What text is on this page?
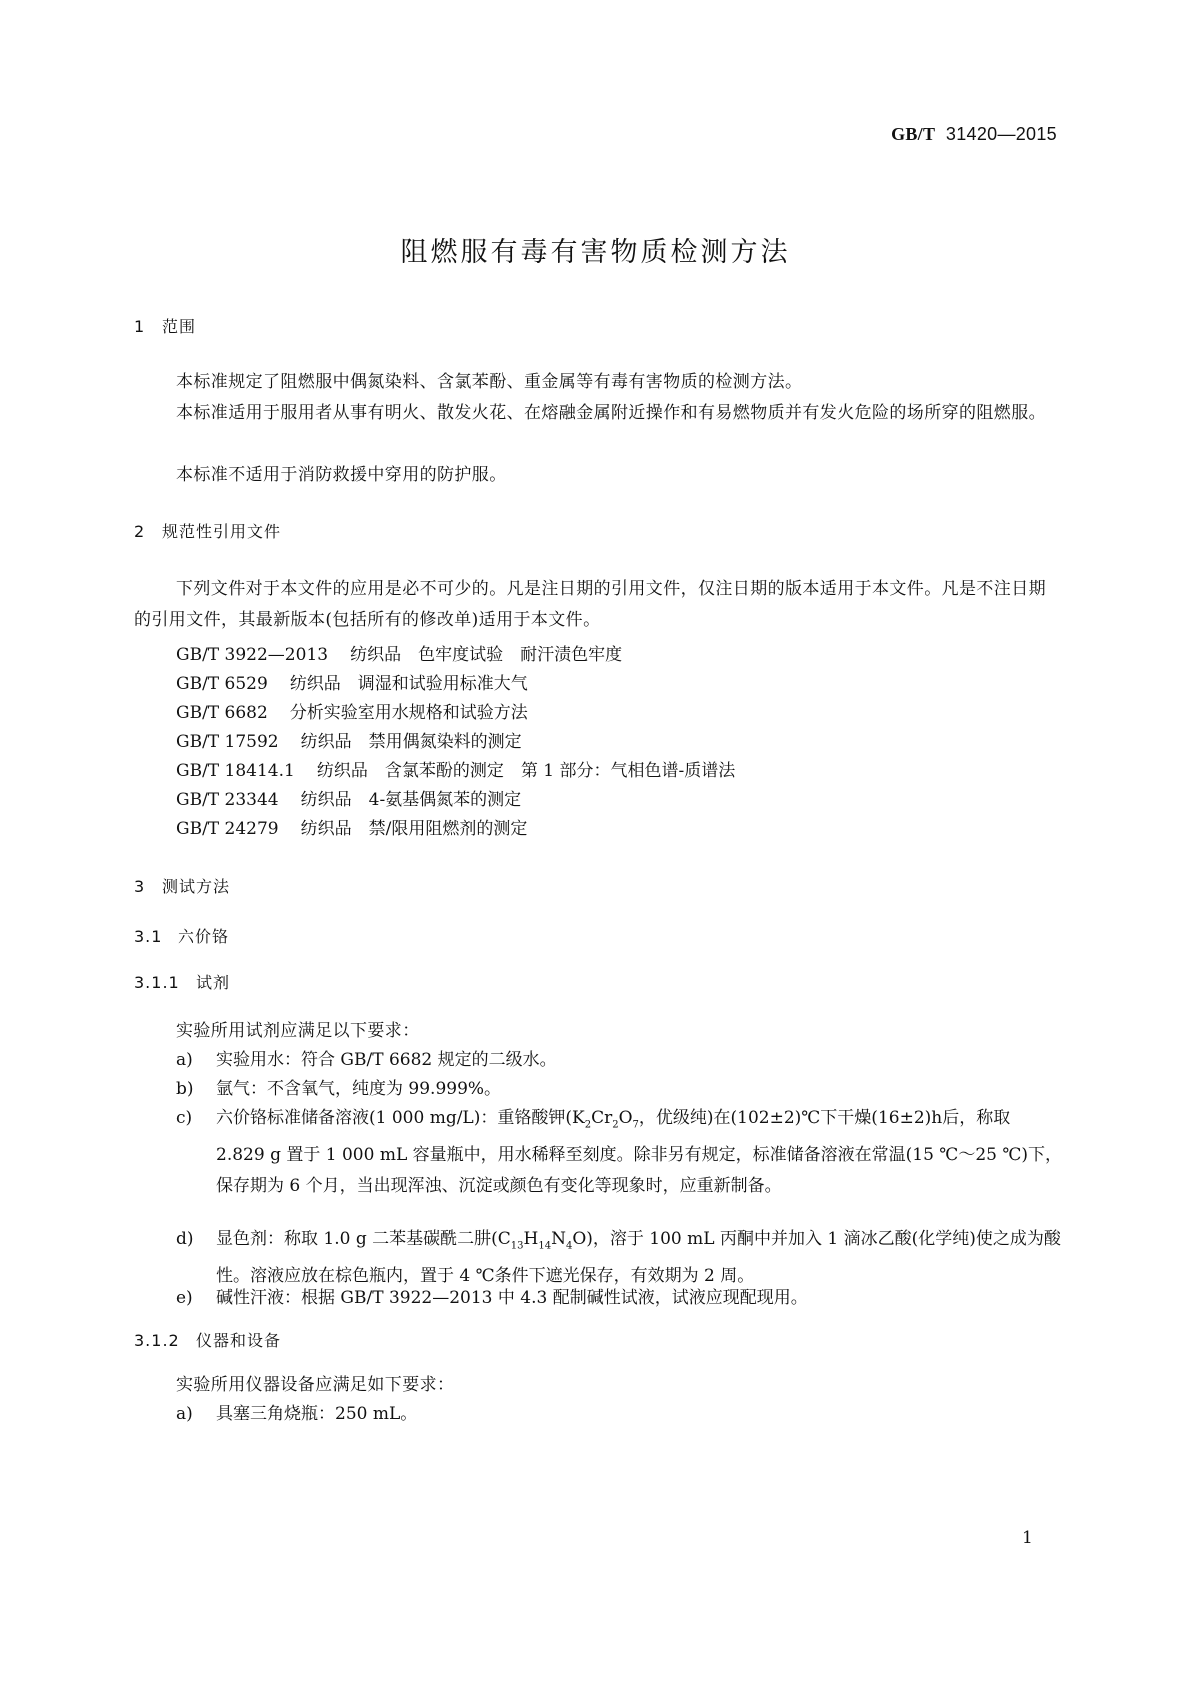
GB/T 31420—2015
阻燃服有毒有害物质检测方法
1 范围
本标准规定了阻燃服中偶氮染料、含氯苯酚、重金属等有毒有害物质的检测方法。
本标准适用于服用者从事有明火、散发火花、在熔融金属附近操作和有易燃物质并有发火危险的场所穿的阻燃服。
本标准不适用于消防救援中穿用的防护服。
2 规范性引用文件
下列文件对于本文件的应用是必不可少的。凡是注日期的引用文件，仅注日期的版本适用于本文件。凡是不注日期的引用文件，其最新版本(包括所有的修改单)适用于本文件。
GB/T 3922—2013 纺织品　色牢度试验　耐汗渍色牢度
GB/T 6529 纺织品　调湿和试验用标准大气
GB/T 6682 分析实验室用水规格和试验方法
GB/T 17592 纺织品　禁用偶氮染料的测定
GB/T 18414.1 纺织品　含氯苯酚的测定　第 1 部分：气相色谱-质谱法
GB/T 23344 纺织品　4-氨基偶氮苯的测定
GB/T 24279 纺织品　禁/限用阻燃剂的测定
3 测试方法
3.1 六价铬
3.1.1 试剂
实验所用试剂应满足以下要求：
a) 实验用水：符合 GB/T 6682 规定的二级水。
b) 氩气：不含氧气，纯度为 99.999%。
c) 六价铬标准储备溶液(1 000 mg/L)：重铬酸钾($K_2Cr_2O_7$，优级纯)在(102±2)℃下干燥(16±2)h后，称取 2.829 g 置于 1 000 mL 容量瓶中，用水稀释至刻度。除非另有规定，标准储备溶液在常温(15 ℃～25 ℃)下，保存期为 6 个月，当出现浑浊、沉淀或颜色有变化等现象时，应重新制备。
d) 显色剂：称取 1.0 g 二苯基碳酰二肼$(C_{13}H_{14}N_4O)$，溶于 100 mL 丙酮中并加入 1 滴冰乙酸(化学纯)使之成为酸性。溶液应放在棕色瓶内，置于 4 ℃条件下遮光保存，有效期为 2 周。
e) 碱性汗液：根据 GB/T 3922—2013 中 4.3 配制碱性试液，试液应现配现用。
3.1.2 仪器和设备
实验所用仪器设备应满足如下要求：
a) 具塞三角烧瓶：250 mL。
1
